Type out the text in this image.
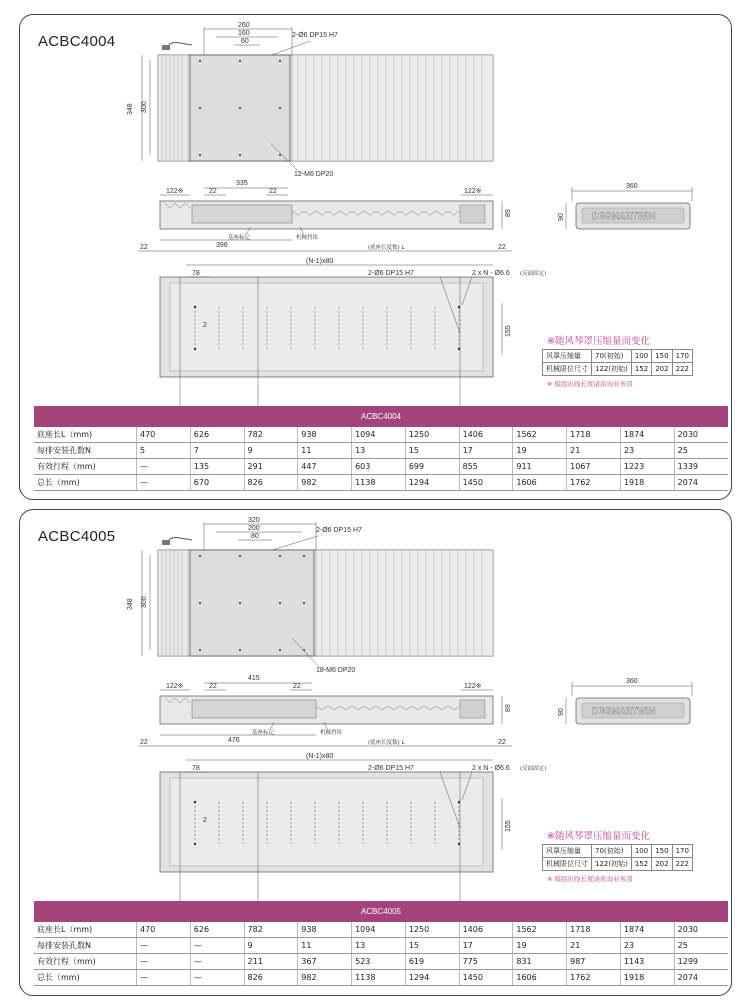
ACBC4004
260
160
60
2-Ø6 DP15 H7
348 300
12-M6 DP20
122※	22	22
335
122※
89
396
22	22
基座标记	机械挡块
(底座长度数) L
360
90	DGSMARTWIN
(N-1)x80
78	2-Ø6 DP15 H7	2 x N - Ø6.6 (反面固定)
2	155
※随风琴罩压缩量而变化
风罩压缩量	70(初始)	100	150	170
机械限位尺寸	122(初始)	152	202	222
※ 模组出线长度请质询业务部
ACBC4004
底座长L（mm)	470	626	782	938	1094	1250	1406	1562	1718	1874	2030
每排安装孔数N	5	7	9	11	13	15	17	19	21	23	25
有效行程（mm)	—	135	291	447	603	699	855	911	1067	1223	1339
总长（mm)	—	670	826	982	1138	1294	1450	1606	1762	1918	2074
ACBC4005
320
200
80
2-Ø6 DP15 H7
348 300
18-M6 DP20
122※	22	22
415
122※
89
476
22	22
基座标记	机械挡块
(底座长度数) L
360
90	DGSMARTWIN
(N-1)x80
78	2-Ø6 DP15 H7	2 x N - Ø6.6 (反面固定)
2	155
※随风琴罩压缩量而变化
风罩压缩量	70(初始)	100	150	170
机械限位尺寸	122(初始)	152	202	222
※ 模组出线长度请质询业务部
ACBC4005
底座长L（mm)	470	626	782	938	1094	1250	1406	1562	1718	1874	2030
每排安装孔数N	—	—	9	11	13	15	17	19	21	23	25
有效行程（mm)	—	—	211	367	523	619	775	831	987	1143	1299
总长（mm)	—	—	826	982	1138	1294	1450	1606	1762	1918	2074
